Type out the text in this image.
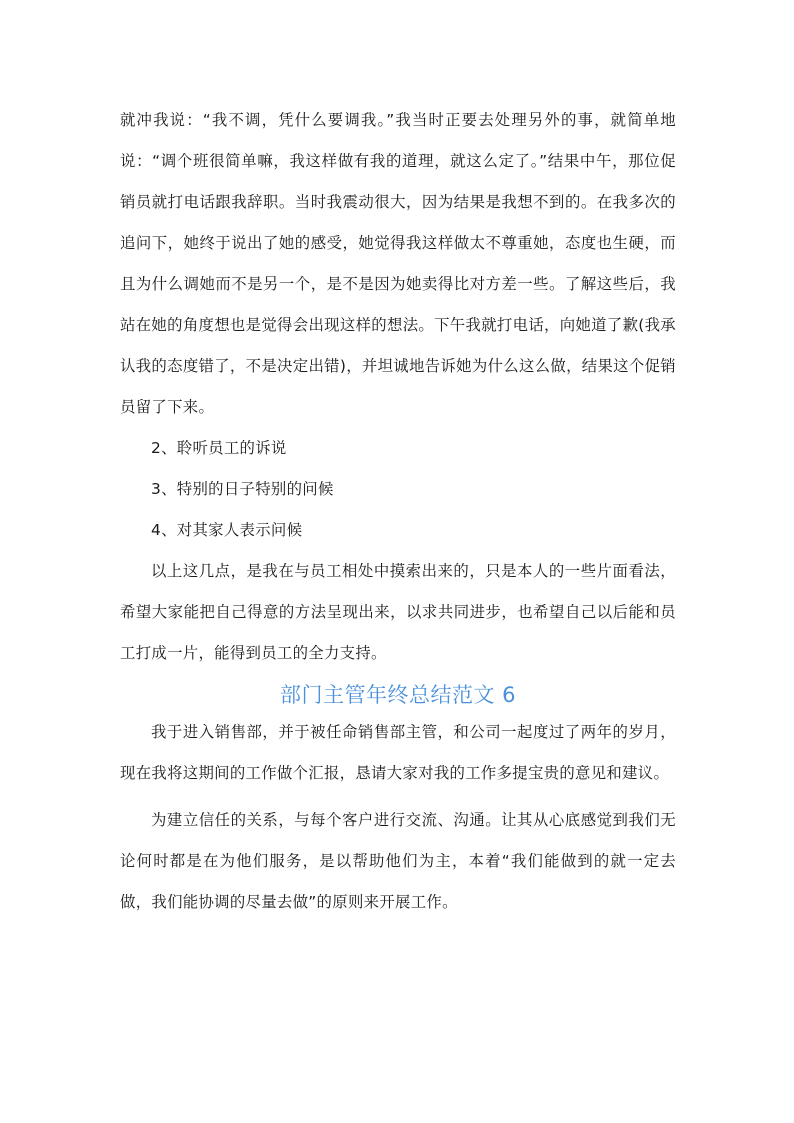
就冲我说：“我不调，凭什么要调我。”我当时正要去处理另外的事，就简单地说：“调个班很简单嘛，我这样做有我的道理，就这么定了。”结果中午，那位促销员就打电话跟我辞职。当时我震动很大，因为结果是我想不到的。在我多次的追问下，她终于说出了她的感受，她觉得我这样做太不尊重她，态度也生硬，而且为什么调她而不是另一个，是不是因为她卖得比对方差一些。了解这些后，我站在她的角度想也是觉得会出现这样的想法。下午我就打电话，向她道了歉(我承认我的态度错了，不是决定出错)，并坦诚地告诉她为什么这么做，结果这个促销员留了下来。

2、聆听员工的诉说

3、特别的日子特别的问候

4、对其家人表示问候

以上这几点，是我在与员工相处中摸索出来的，只是本人的一些片面看法，希望大家能把自己得意的方法呈现出来，以求共同进步，也希望自己以后能和员工打成一片，能得到员工的全力支持。

部门主管年终总结范文 6

我于进入销售部，并于被任命销售部主管，和公司一起度过了两年的岁月，现在我将这期间的工作做个汇报，恳请大家对我的工作多提宝贵的意见和建议。

为建立信任的关系，与每个客户进行交流、沟通。让其从心底感觉到我们无论何时都是在为他们服务，是以帮助他们为主，本着“我们能做到的就一定去做，我们能协调的尽量去做”的原则来开展工作。
